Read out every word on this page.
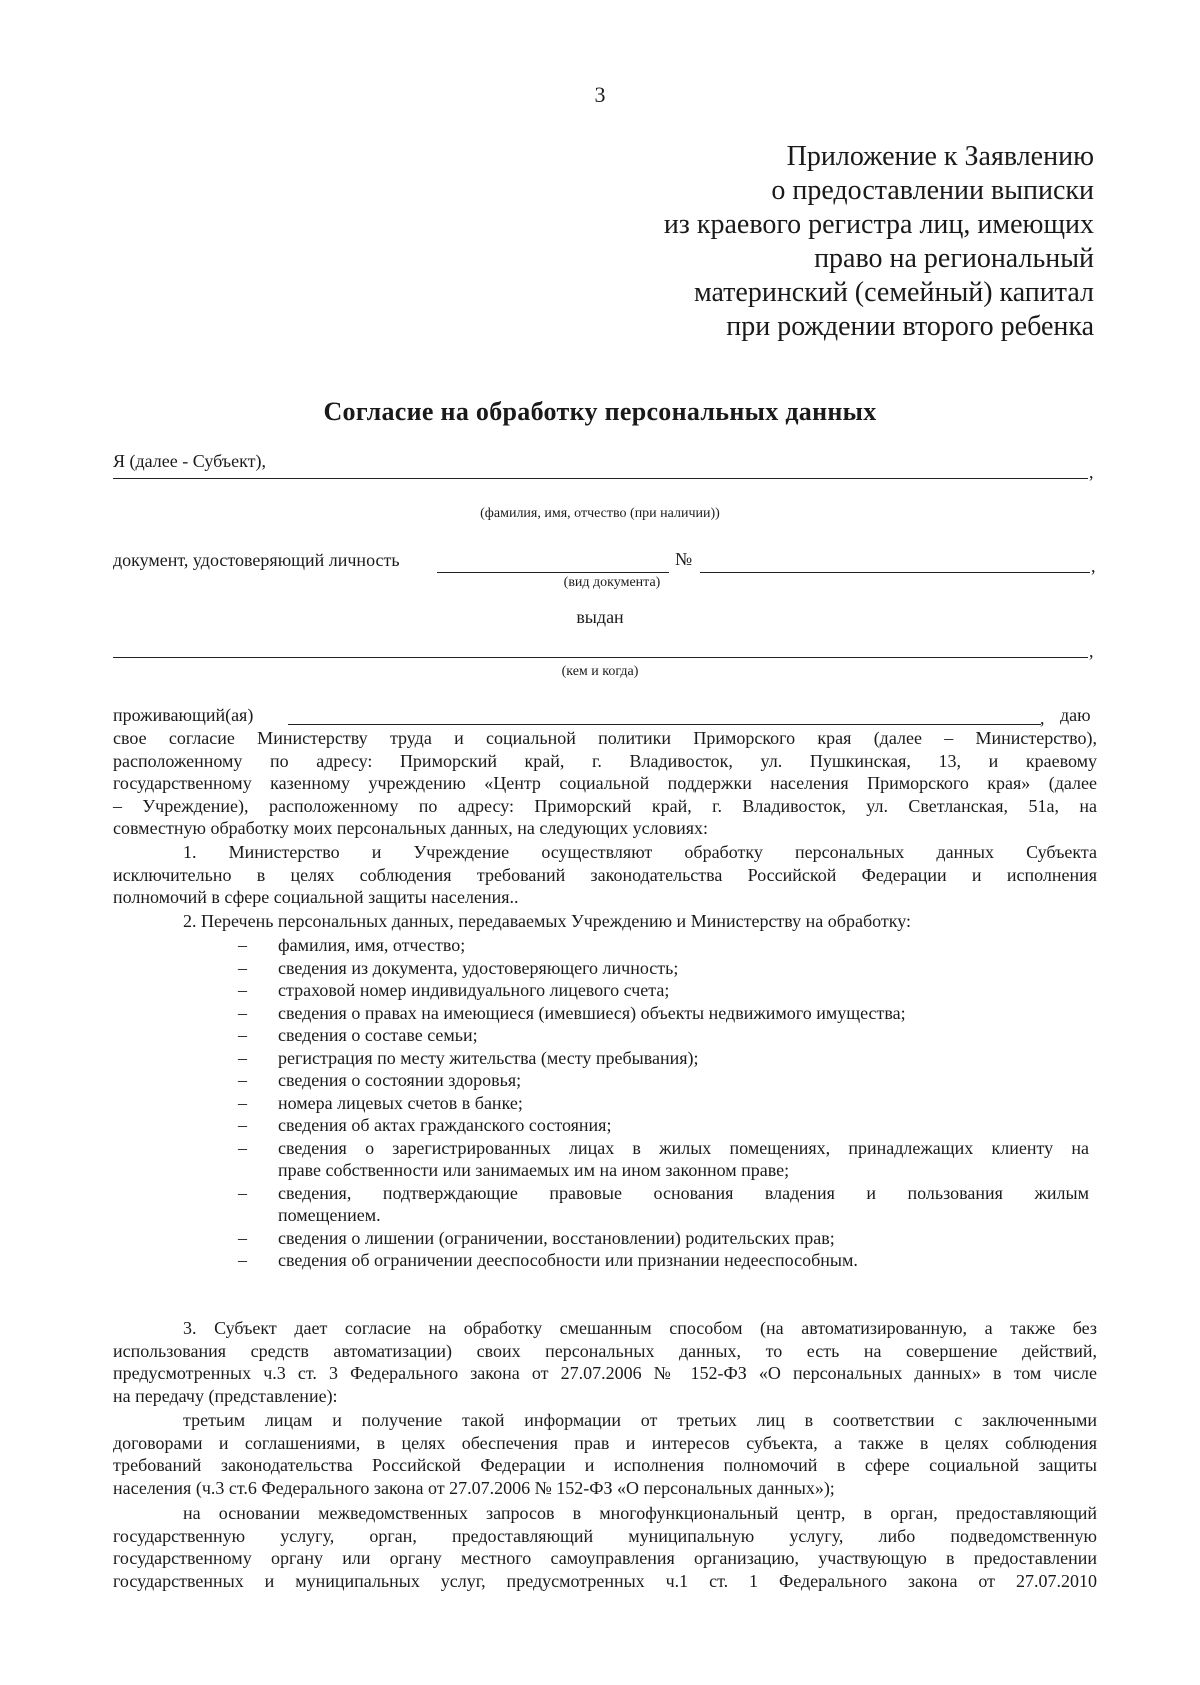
3
Приложение к Заявлению
о предоставлении выписки
из краевого регистра лиц, имеющих
право на региональный
материнский (семейный) капитал
при рождении второго ребенка
Согласие на обработку персональных данных
Я (далее - Субъект),
,
(фамилия, имя, отчество (при наличии))
документ, удостоверяющий личность	№	,
(вид документа)
выдан
,
(кем и когда)
проживающий(ая)	, даю
свое согласие Министерству труда и социальной политики Приморского края (далее – Министерство),
расположенному по адресу: Приморский край, г. Владивосток, ул. Пушкинская, 13, и краевому
государственному казенному учреждению «Центр социальной поддержки населения Приморского края» (далее
– Учреждение), расположенному по адресу: Приморский край, г. Владивосток, ул. Светланская, 51а, на
совместную обработку моих персональных данных, на следующих условиях:
1. Министерство и Учреждение осуществляют обработку персональных данных Субъекта
исключительно в целях соблюдения требований законодательства Российской Федерации и исполнения
полномочий в сфере социальной защиты населения..
2. Перечень персональных данных, передаваемых Учреждению и Министерству на обработку:
– фамилия, имя, отчество;
– сведения из документа, удостоверяющего личность;
– страховой номер индивидуального лицевого счета;
– сведения о правах на имеющиеся (имевшиеся) объекты недвижимого имущества;
– сведения о составе семьи;
– регистрация по месту жительства (месту пребывания);
– сведения о состоянии здоровья;
– номера лицевых счетов в банке;
– сведения об актах гражданского состояния;
– сведения о зарегистрированных лицах в жилых помещениях, принадлежащих клиенту на
праве собственности или занимаемых им на ином законном праве;
– сведения, подтверждающие правовые основания владения и пользования жилым
помещением.
– сведения о лишении (ограничении, восстановлении) родительских прав;
– сведения об ограничении дееспособности или признании недееспособным.
3. Субъект дает согласие на обработку смешанным способом (на автоматизированную, а также без
использования средств автоматизации) своих персональных данных, то есть на совершение действий,
предусмотренных ч.3 ст. 3 Федерального закона от 27.07.2006 № 152-ФЗ «О персональных данных» в том числе
на передачу (представление):
третьим лицам и получение такой информации от третьих лиц в соответствии с заключенными
договорами и соглашениями, в целях обеспечения прав и интересов субъекта, а также в целях соблюдения
требований законодательства Российской Федерации и исполнения полномочий в сфере социальной защиты
населения (ч.3 ст.6 Федерального закона от 27.07.2006 № 152-ФЗ «О персональных данных»);
на основании межведомственных запросов в многофункциональный центр, в орган, предоставляющий
государственную услугу, орган, предоставляющий муниципальную услугу, либо подведомственную
государственному органу или органу местного самоуправления организацию, участвующую в предоставлении
государственных и муниципальных услуг, предусмотренных ч.1 ст. 1 Федерального закона от 27.07.2010
